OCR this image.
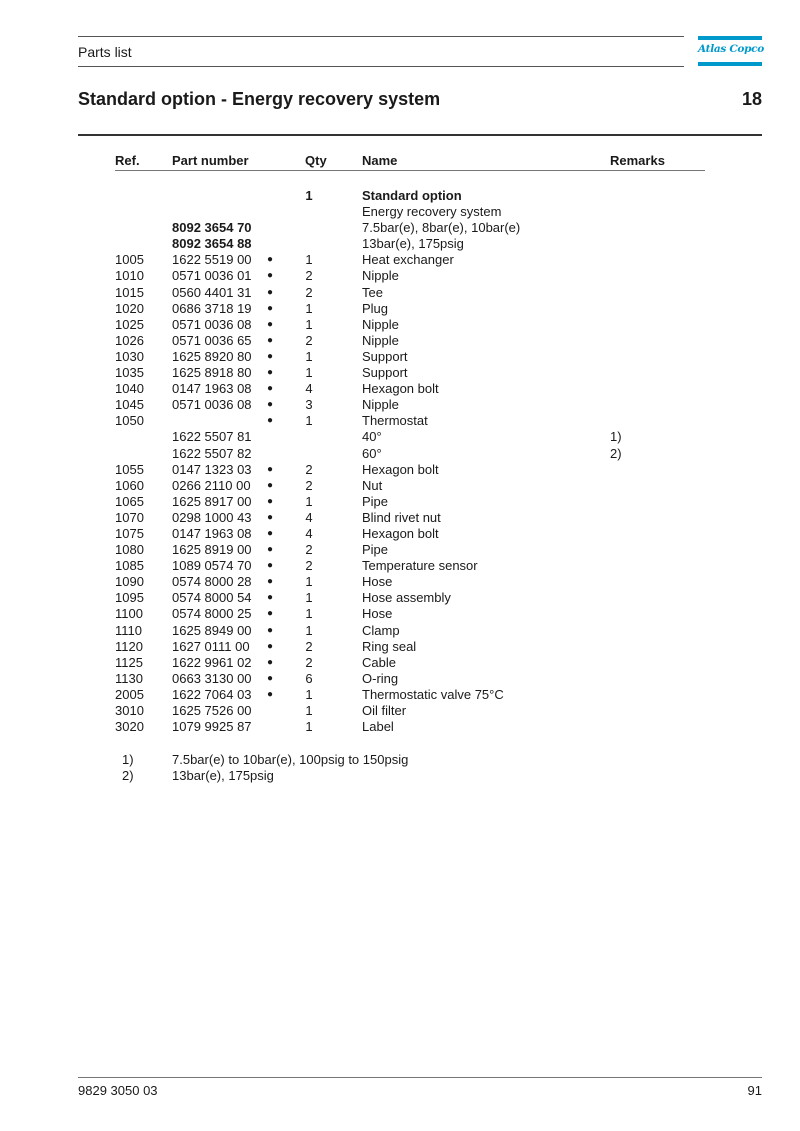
Parts list	Atlas Copco
Standard option - Energy recovery system	18
Ref. Part number	Qty	Name	Remarks
1	Standard option
Energy recovery system
8092 3654 70	7.5bar(e), 8bar(e), 10bar(e)
8092 3654 88	13bar(e), 175psig
1005 1622 5519 00	●	1	Heat exchanger
1010 0571 0036 01	●	2	Nipple
1015 0560 4401 31	●	2	Tee
1020 0686 3718 19	●	1	Plug
1025 0571 0036 08	●	1	Nipple
1026 0571 0036 65	●	2	Nipple
1030 1625 8920 80	●	1	Support
1035 1625 8918 80	●	1	Support
1040 0147 1963 08	●	4	Hexagon bolt
1045 0571 0036 08	●	3	Nipple
1050	●	1	Thermostat
1622 5507 81	40°	1)
1622 5507 82	60°	2)
1055 0147 1323 03	●	2	Hexagon bolt
1060 0266 2110 00	●	2	Nut
1065 1625 8917 00	●	1	Pipe
1070 0298 1000 43	●	4	Blind rivet nut
1075 0147 1963 08	●	4	Hexagon bolt
1080 1625 8919 00	●	2	Pipe
1085 1089 0574 70	●	2	Temperature sensor
1090 0574 8000 28	●	1	Hose
1095 0574 8000 54	●	1	Hose assembly
1100 0574 8000 25	●	1	Hose
1110 1625 8949 00	●	1	Clamp
1120 1627 0111 00	●	2	Ring seal
1125 1622 9961 02	●	2	Cable
1130 0663 3130 00	●	6	O-ring
2005 1622 7064 03	●	1	Thermostatic valve 75°C
3010 1625 7526 00	1	Oil filter
3020 1079 9925 87	1	Label
1)	7.5bar(e) to 10bar(e), 100psig to 150psig
2)	13bar(e), 175psig
9829 3050 03	91
